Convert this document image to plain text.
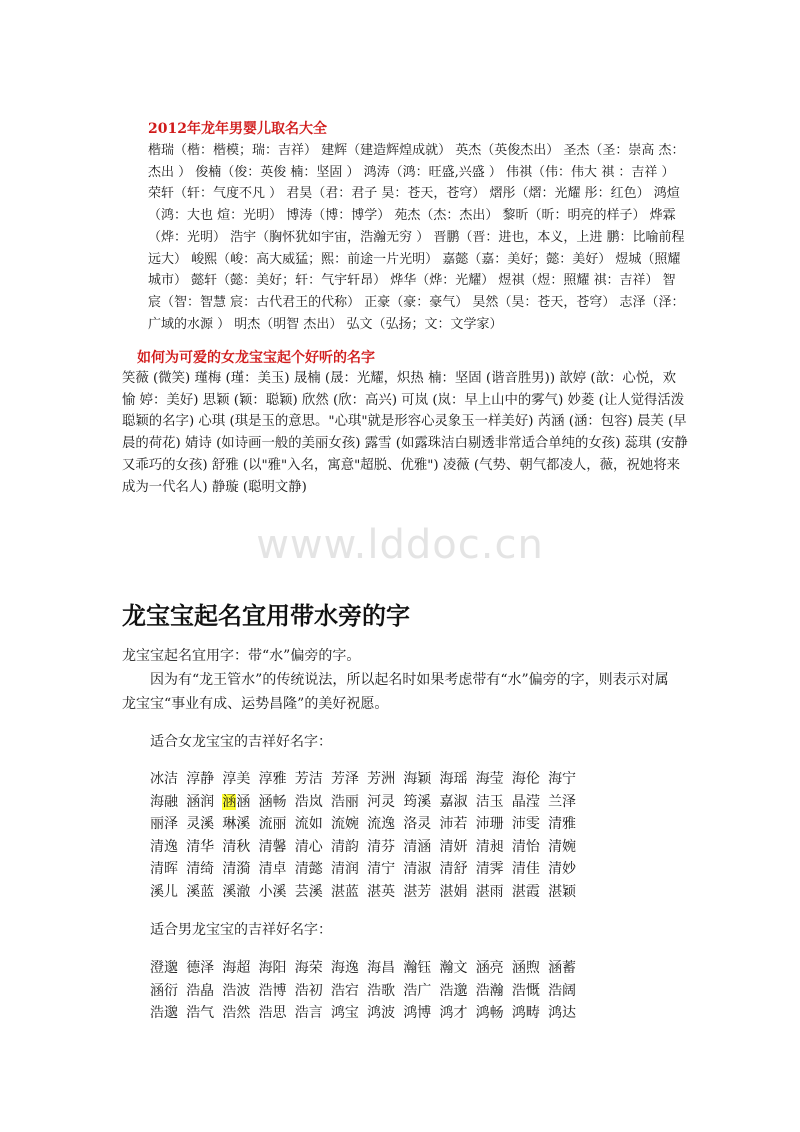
2012年龙年男婴儿取名大全
楷瑞（楷：楷模；瑞：吉祥） 建辉（建造辉煌成就） 英杰（英俊杰出） 圣杰（圣：崇高 杰：杰出 ） 俊楠（俊：英俊 楠：坚固 ） 鸿涛（鸿：旺盛,兴盛 ） 伟祺（伟：伟大 祺 ：吉祥 ） 荣轩（轩：气度不凡 ） 君昊（君：君子 昊：苍天，苍穹） 熠彤（熠：光耀 彤：红色） 鸿煊（鸿：大也 煊：光明） 博涛（博：博学） 苑杰（杰：杰出） 黎昕（昕：明亮的样子） 烨霖（烨：光明） 浩宇（胸怀犹如宇宙，浩瀚无穷 ） 晋鹏（晋：进也，本义，上进 鹏：比喻前程远大） 峻熙（峻：高大威猛；熙：前途一片光明） 嘉懿（嘉：美好；懿：美好） 煜城（照耀城市） 懿轩（懿：美好；轩：气宇轩昂） 烨华（烨：光耀） 煜祺（煜：照耀 祺：吉祥） 智宸（智：智慧 宸：古代君王的代称） 正豪（豪：豪气） 昊然（昊：苍天，苍穹） 志泽（泽：广域的水源 ） 明杰（明智 杰出） 弘文（弘扬；文：文学家）
如何为可爱的女龙宝宝起个好听的名字
笑薇 (微笑) 瑾梅 (瑾：美玉) 晟楠 (晟：光耀，炽热 楠：坚固 (谐音胜男)) 歆婷 (歆：心悦，欢愉 婷：美好) 思颖 (颖：聪颖) 欣然 (欣：高兴) 可岚 (岚：早上山中的雾气) 妙菱 (让人觉得活泼聪颖的名字) 心琪 (琪是玉的意思。"心琪"就是形容心灵象玉一样美好) 芮涵 (涵：包容) 晨芙 (早晨的荷花) 婧诗 (如诗画一般的美丽女孩) 露雪 (如露珠洁白剔透非常适合单纯的女孩) 蕊琪 (安静又乖巧的女孩) 舒雅 (以"雅"入名，寓意"超脱、优雅") 凌薇 (气势、朝气都凌人，薇，祝她将来成为一代名人) 静璇 (聪明文静)
www.lddoc.cn
龙宝宝起名宜用带水旁的字
龙宝宝起名宜用字：带“水”偏旁的字。
因为有“龙王管水”的传统说法，所以起名时如果考虑带有“水”偏旁的字，则表示对属龙宝宝“事业有成、运势昌隆”的美好祝愿。
适合女龙宝宝的吉祥好名字：
冰洁 淳静 淳美 淳雅 芳洁 芳泽 芳洲 海颖 海瑶 海莹 海伦 海宁
海融 涵润 涵涵 涵畅 浩岚 浩丽 河灵 筠溪 嘉淑 洁玉 晶滢 兰泽
丽泽 灵溪 琳溪 流丽 流如 流婉 流逸 洛灵 沛若 沛珊 沛雯 清雅
清逸 清华 清秋 清馨 清心 清韵 清芬 清涵 清妍 清昶 清怡 清婉
清晖 清绮 清漪 清卓 清懿 清润 清宁 清淑 清舒 清霁 清佳 清妙
溪儿 溪蓝 溪澈 小溪 芸溪 湛蓝 湛英 湛芳 湛娟 湛雨 湛霞 湛颖
适合男龙宝宝的吉祥好名字：
澄邈 德泽 海超 海阳 海荣 海逸 海昌 瀚钰 瀚文 涵亮 涵煦 涵蓄
涵衍 浩皛 浩波 浩博 浩初 浩宕 浩歌 浩广 浩邈 浩瀚 浩慨 浩阔
浩邈 浩气 浩然 浩思 浩言 鸿宝 鸿波 鸿博 鸿才 鸿畅 鸿畴 鸿达
